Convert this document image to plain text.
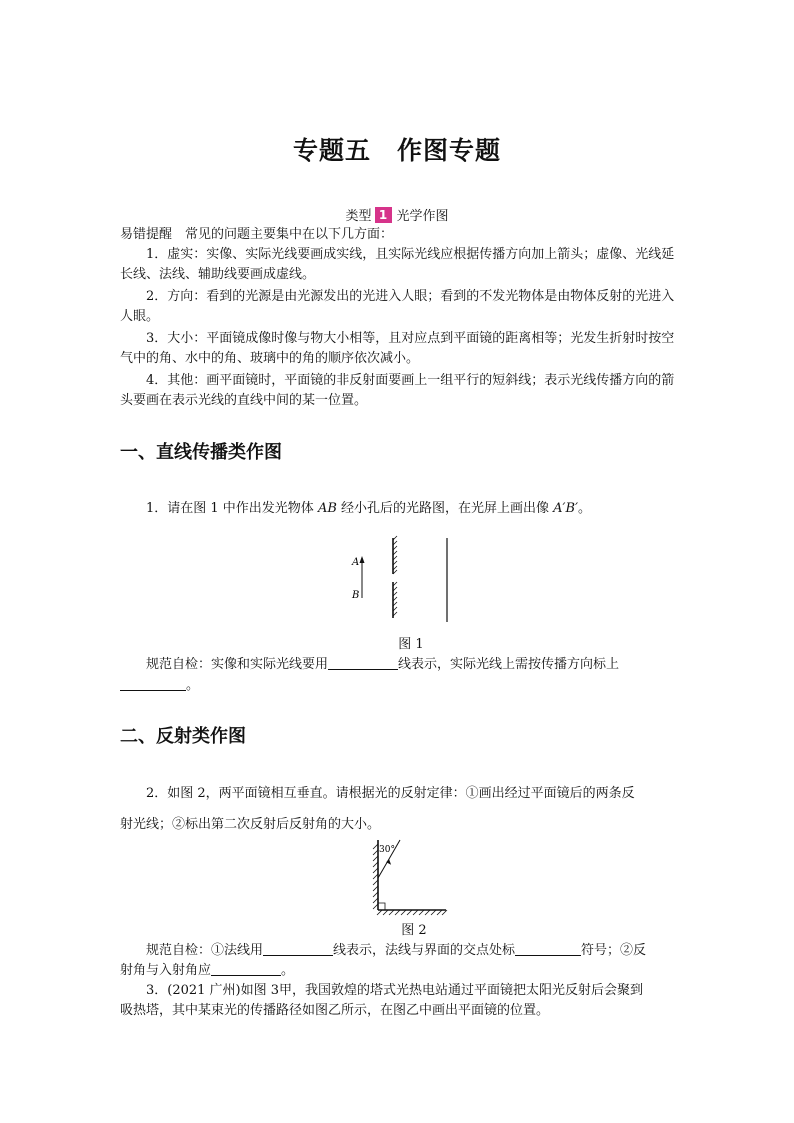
专题五　作图专题
类型 1 光学作图
易错提醒　常见的问题主要集中在以下几方面：
1．虚实：实像、实际光线要画成实线，且实际光线应根据传播方向加上箭头；虚像、光线延长线、法线、辅助线要画成虚线。
2．方向：看到的光源是由光源发出的光进入人眼；看到的不发光物体是由物体反射的光进入人眼。
3．大小：平面镜成像时像与物大小相等，且对应点到平面镜的距离相等；光发生折射时按空气中的角、水中的角、玻璃中的角的顺序依次减小。
4．其他：画平面镜时，平面镜的非反射面要画上一组平行的短斜线；表示光线传播方向的箭头要画在表示光线的直线中间的某一位置。
一、直线传播类作图
1．请在图 1 中作出发光物体 AB 经小孔后的光路图，在光屏上画出像 A′B′。
A
B
图 1
规范自检：实像和实际光线要用	线表示，实际光线上需按传播方向标上
。
二、反射类作图
2．如图 2，两平面镜相互垂直。请根据光的反射定律：①画出经过平面镜后的两条反
射光线；②标出第二次反射后反射角的大小。
30°
图 2
规范自检：①法线用	线表示，法线与界面的交点处标	符号；②反
射角与入射角应	。
3．(2021 广州)如图 3甲，我国敦煌的塔式光热电站通过平面镜把太阳光反射后会聚到
吸热塔，其中某束光的传播路径如图乙所示，在图乙中画出平面镜的位置。
